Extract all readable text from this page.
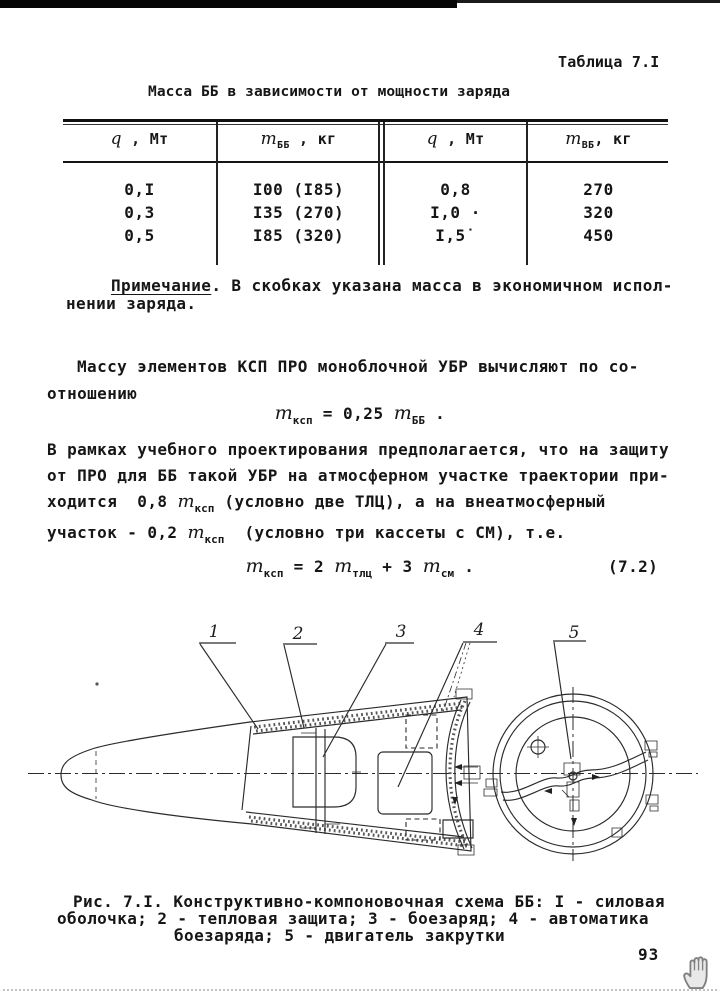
Таблица 7.I
Масса ББ в зависимости от мощности заряда
q , Мт	$m_{ББ}$ , кг	q , Мт	$m_{ВБ}$, кг
0,I	I00 (I85)	0,8	270
0,3	I35 (270)	I,0 ·	320
0,5	I85 (320)	I,5˙	450
Примечание. В скобках указана масса в экономичном испол-
нении заряда.
Массу элементов КСП ПРО моноблочной УБР вычисляют по со-
отношению
$m_{ксп} = 0,25$ $m_{ББ}$ .
В рамках учебного проектирования предполагается, что на защиту
от ПРО для ББ такой УБР на атмосферном участке траектории при-
ходится  0,8 $m_{ксп}$ (условно две ТЛЦ), а на внеатмосферный
участок - 0,2 $m_{ксп}$  (условно три кассеты с СМ), т.е.
$m_{ксп} = 2$ $m_{тлц} + 3$ $m_{см}$ .	(7.2)
1	2	3	4	5
Рис. 7.I. Конструктивно-компоновочная схема ББ: I - силовая
оболочка; 2 - тепловая защита; 3 - боезаряд; 4 - автоматика
боезаряда; 5 - двигатель закрутки
93
